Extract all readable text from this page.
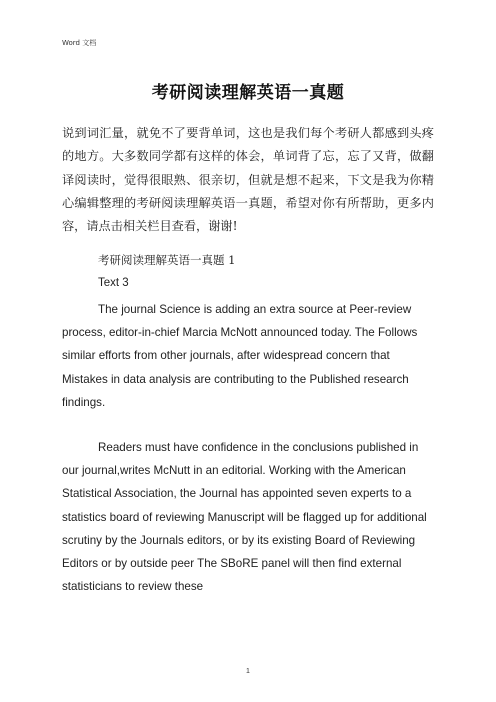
Word 文档
考研阅读理解英语一真题
说到词汇量，就免不了要背单词，这也是我们每个考研人都感到头疼的地方。大多数同学都有这样的体会，单词背了忘，忘了又背，做翻译阅读时，觉得很眼熟、很亲切，但就是想不起来，下文是我为你精心编辑整理的考研阅读理解英语一真题，希望对你有所帮助，更多内容，请点击相关栏目查看，谢谢!
考研阅读理解英语一真题 1
Text 3
The journal Science is adding an extra source at Peer-review process, editor-in-chief Marcia McNott announced today. The Follows similar efforts from other journals, after widespread concern that Mistakes in data analysis are contributing to the Published research findings.
Readers must have confidence in the conclusions published in our journal,writes McNutt in an editorial. Working with the American Statistical Association, the Journal has appointed seven experts to a statistics board of reviewing Manuscript will be flagged up for additional scrutiny by the Journals editors, or by its existing Board of Reviewing Editors or by outside peer The SBoRE panel will then find external statisticians to review these
1
